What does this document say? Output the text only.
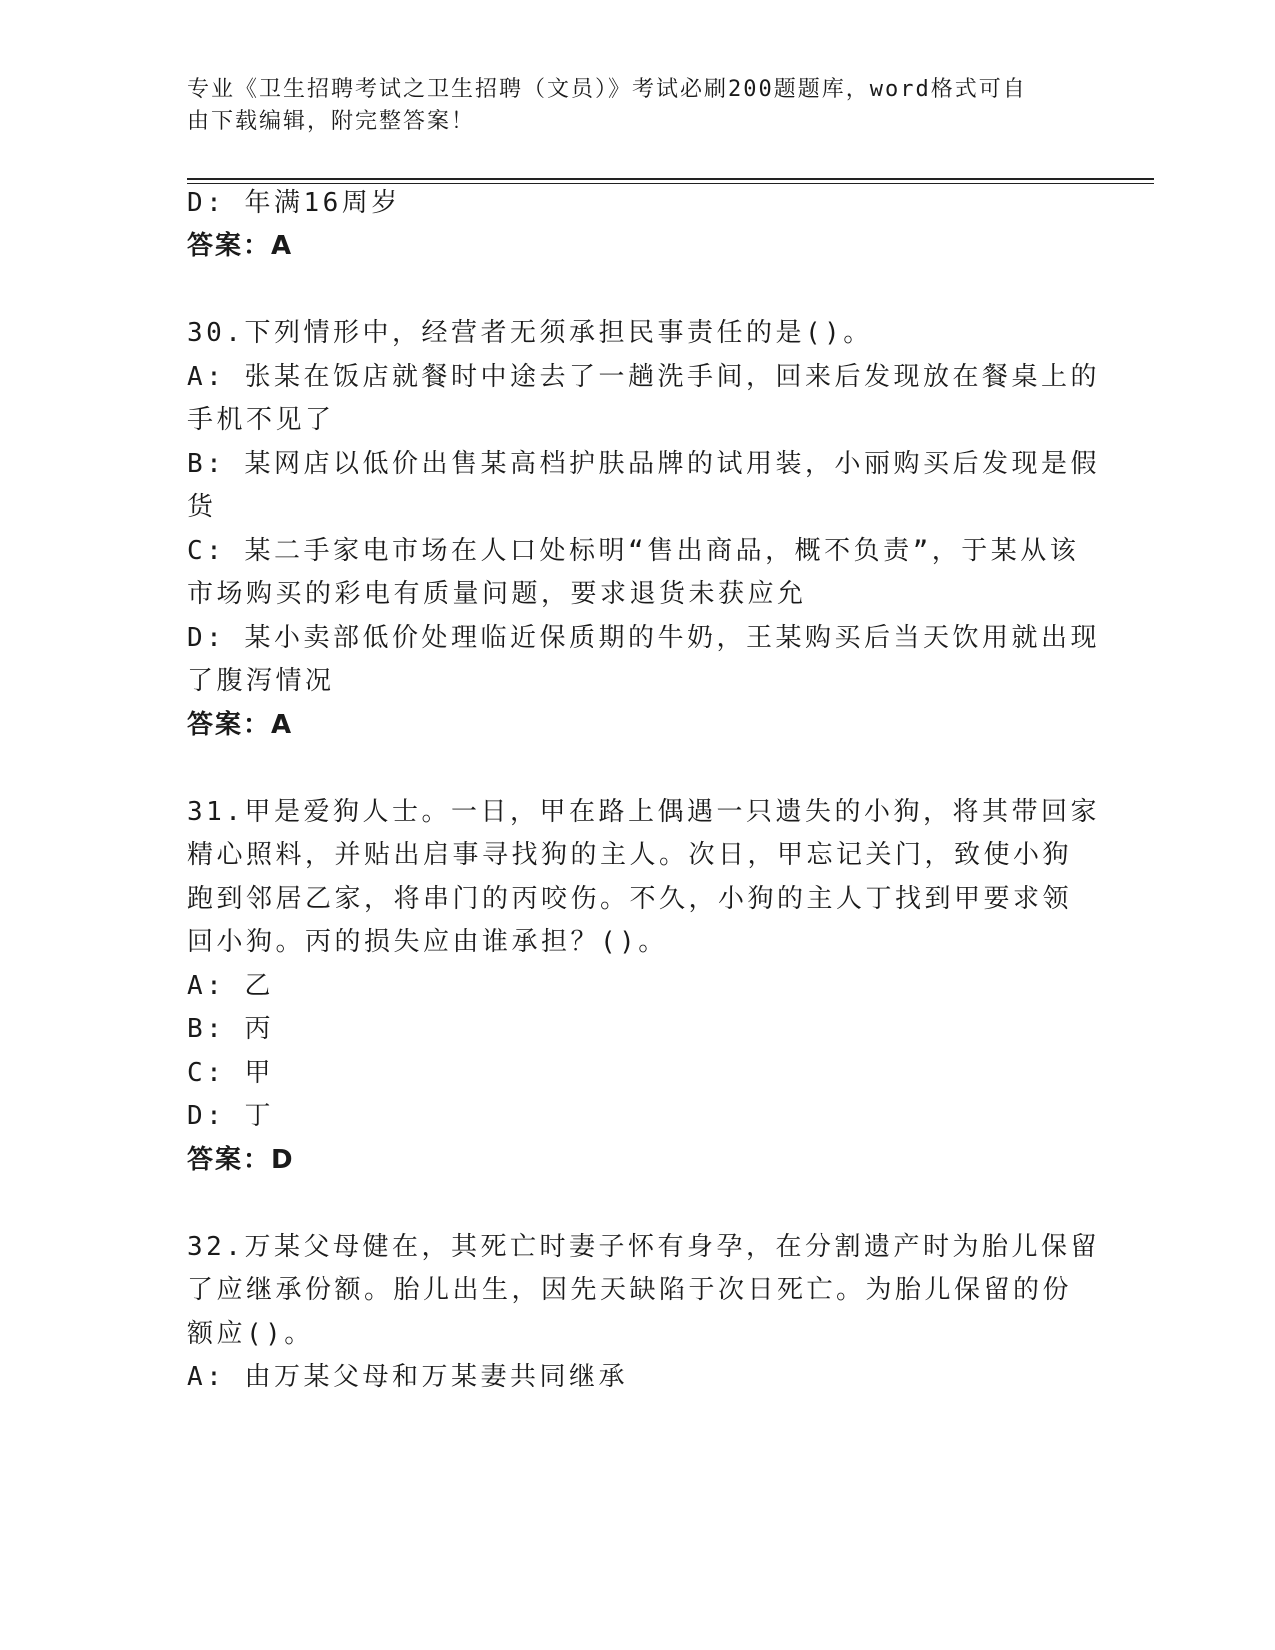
专业《卫生招聘考试之卫生招聘（文员）》考试必刷200题题库，word格式可自
由下载编辑，附完整答案！
D: 年满16周岁
答案：A
30.下列情形中，经营者无须承担民事责任的是()。
A: 张某在饭店就餐时中途去了一趟洗手间，回来后发现放在餐桌上的
手机不见了
B: 某网店以低价出售某高档护肤品牌的试用装，小丽购买后发现是假
货
C: 某二手家电市场在人口处标明“售出商品，概不负责”，于某从该
市场购买的彩电有质量问题，要求退货未获应允
D: 某小卖部低价处理临近保质期的牛奶，王某购买后当天饮用就出现
了腹泻情况
答案：A
31.甲是爱狗人士。一日，甲在路上偶遇一只遗失的小狗，将其带回家
精心照料，并贴出启事寻找狗的主人。次日，甲忘记关门，致使小狗
跑到邻居乙家，将串门的丙咬伤。不久，小狗的主人丁找到甲要求领
回小狗。丙的损失应由谁承担？()。
A: 乙
B: 丙
C: 甲
D: 丁
答案：D
32.万某父母健在，其死亡时妻子怀有身孕，在分割遗产时为胎儿保留
了应继承份额。胎儿出生，因先天缺陷于次日死亡。为胎儿保留的份
额应()。
A: 由万某父母和万某妻共同继承
